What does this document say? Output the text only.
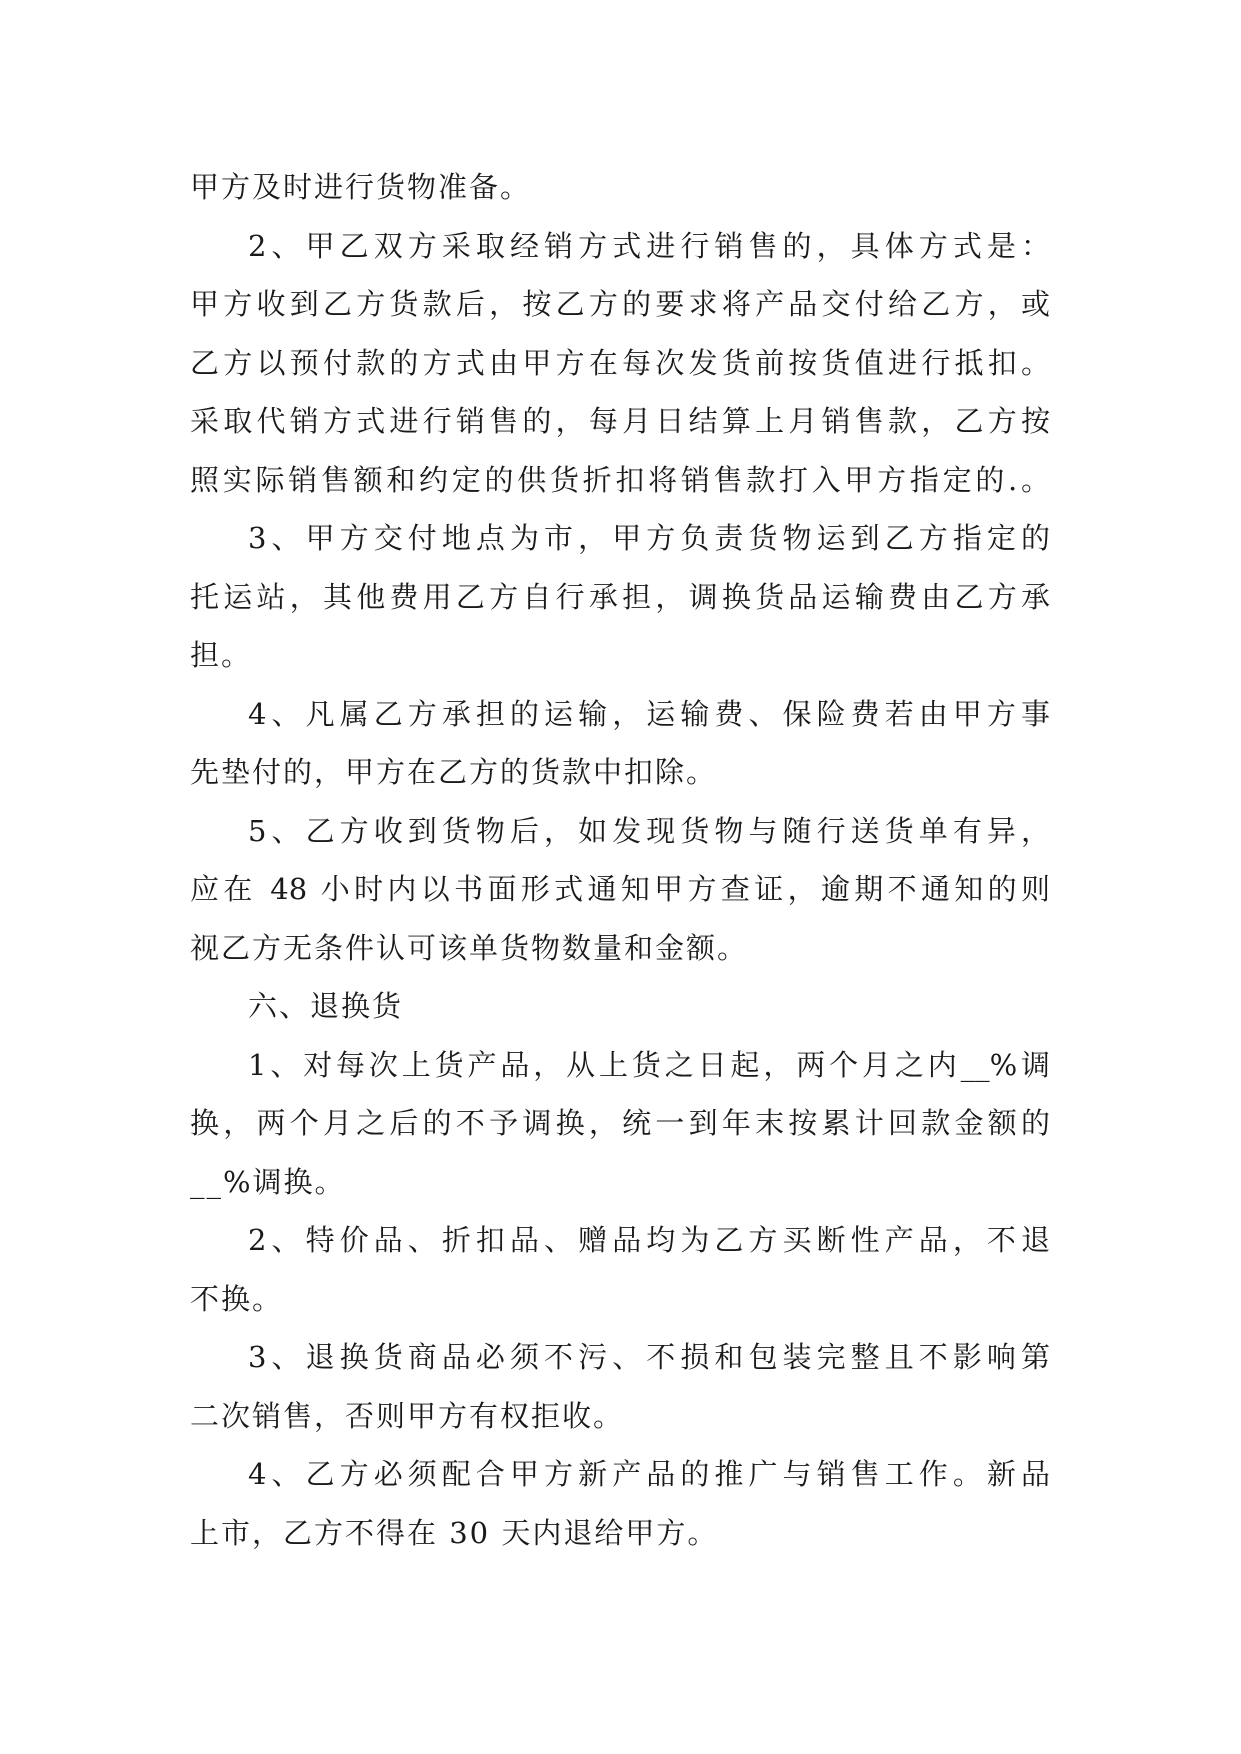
甲方及时进行货物准备。
2、甲乙双方采取经销方式进行销售的，具体方式是：
甲方收到乙方货款后，按乙方的要求将产品交付给乙方，或
乙方以预付款的方式由甲方在每次发货前按货值进行抵扣。
采取代销方式进行销售的，每月日结算上月销售款，乙方按
照实际销售额和约定的供货折扣将销售款打入甲方指定的.。
3、甲方交付地点为市，甲方负责货物运到乙方指定的
托运站，其他费用乙方自行承担，调换货品运输费由乙方承
担。
4、凡属乙方承担的运输，运输费、保险费若由甲方事
先垫付的，甲方在乙方的货款中扣除。
5、乙方收到货物后，如发现货物与随行送货单有异，
应在 48 小时内以书面形式通知甲方查证，逾期不通知的则
视乙方无条件认可该单货物数量和金额。
六、退换货
1、对每次上货产品，从上货之日起，两个月之内__%调
换，两个月之后的不予调换，统一到年末按累计回款金额的
__%调换。
2、特价品、折扣品、赠品均为乙方买断性产品，不退
不换。
3、退换货商品必须不污、不损和包装完整且不影响第
二次销售，否则甲方有权拒收。
4、乙方必须配合甲方新产品的推广与销售工作。新品
上市，乙方不得在 30 天内退给甲方。
